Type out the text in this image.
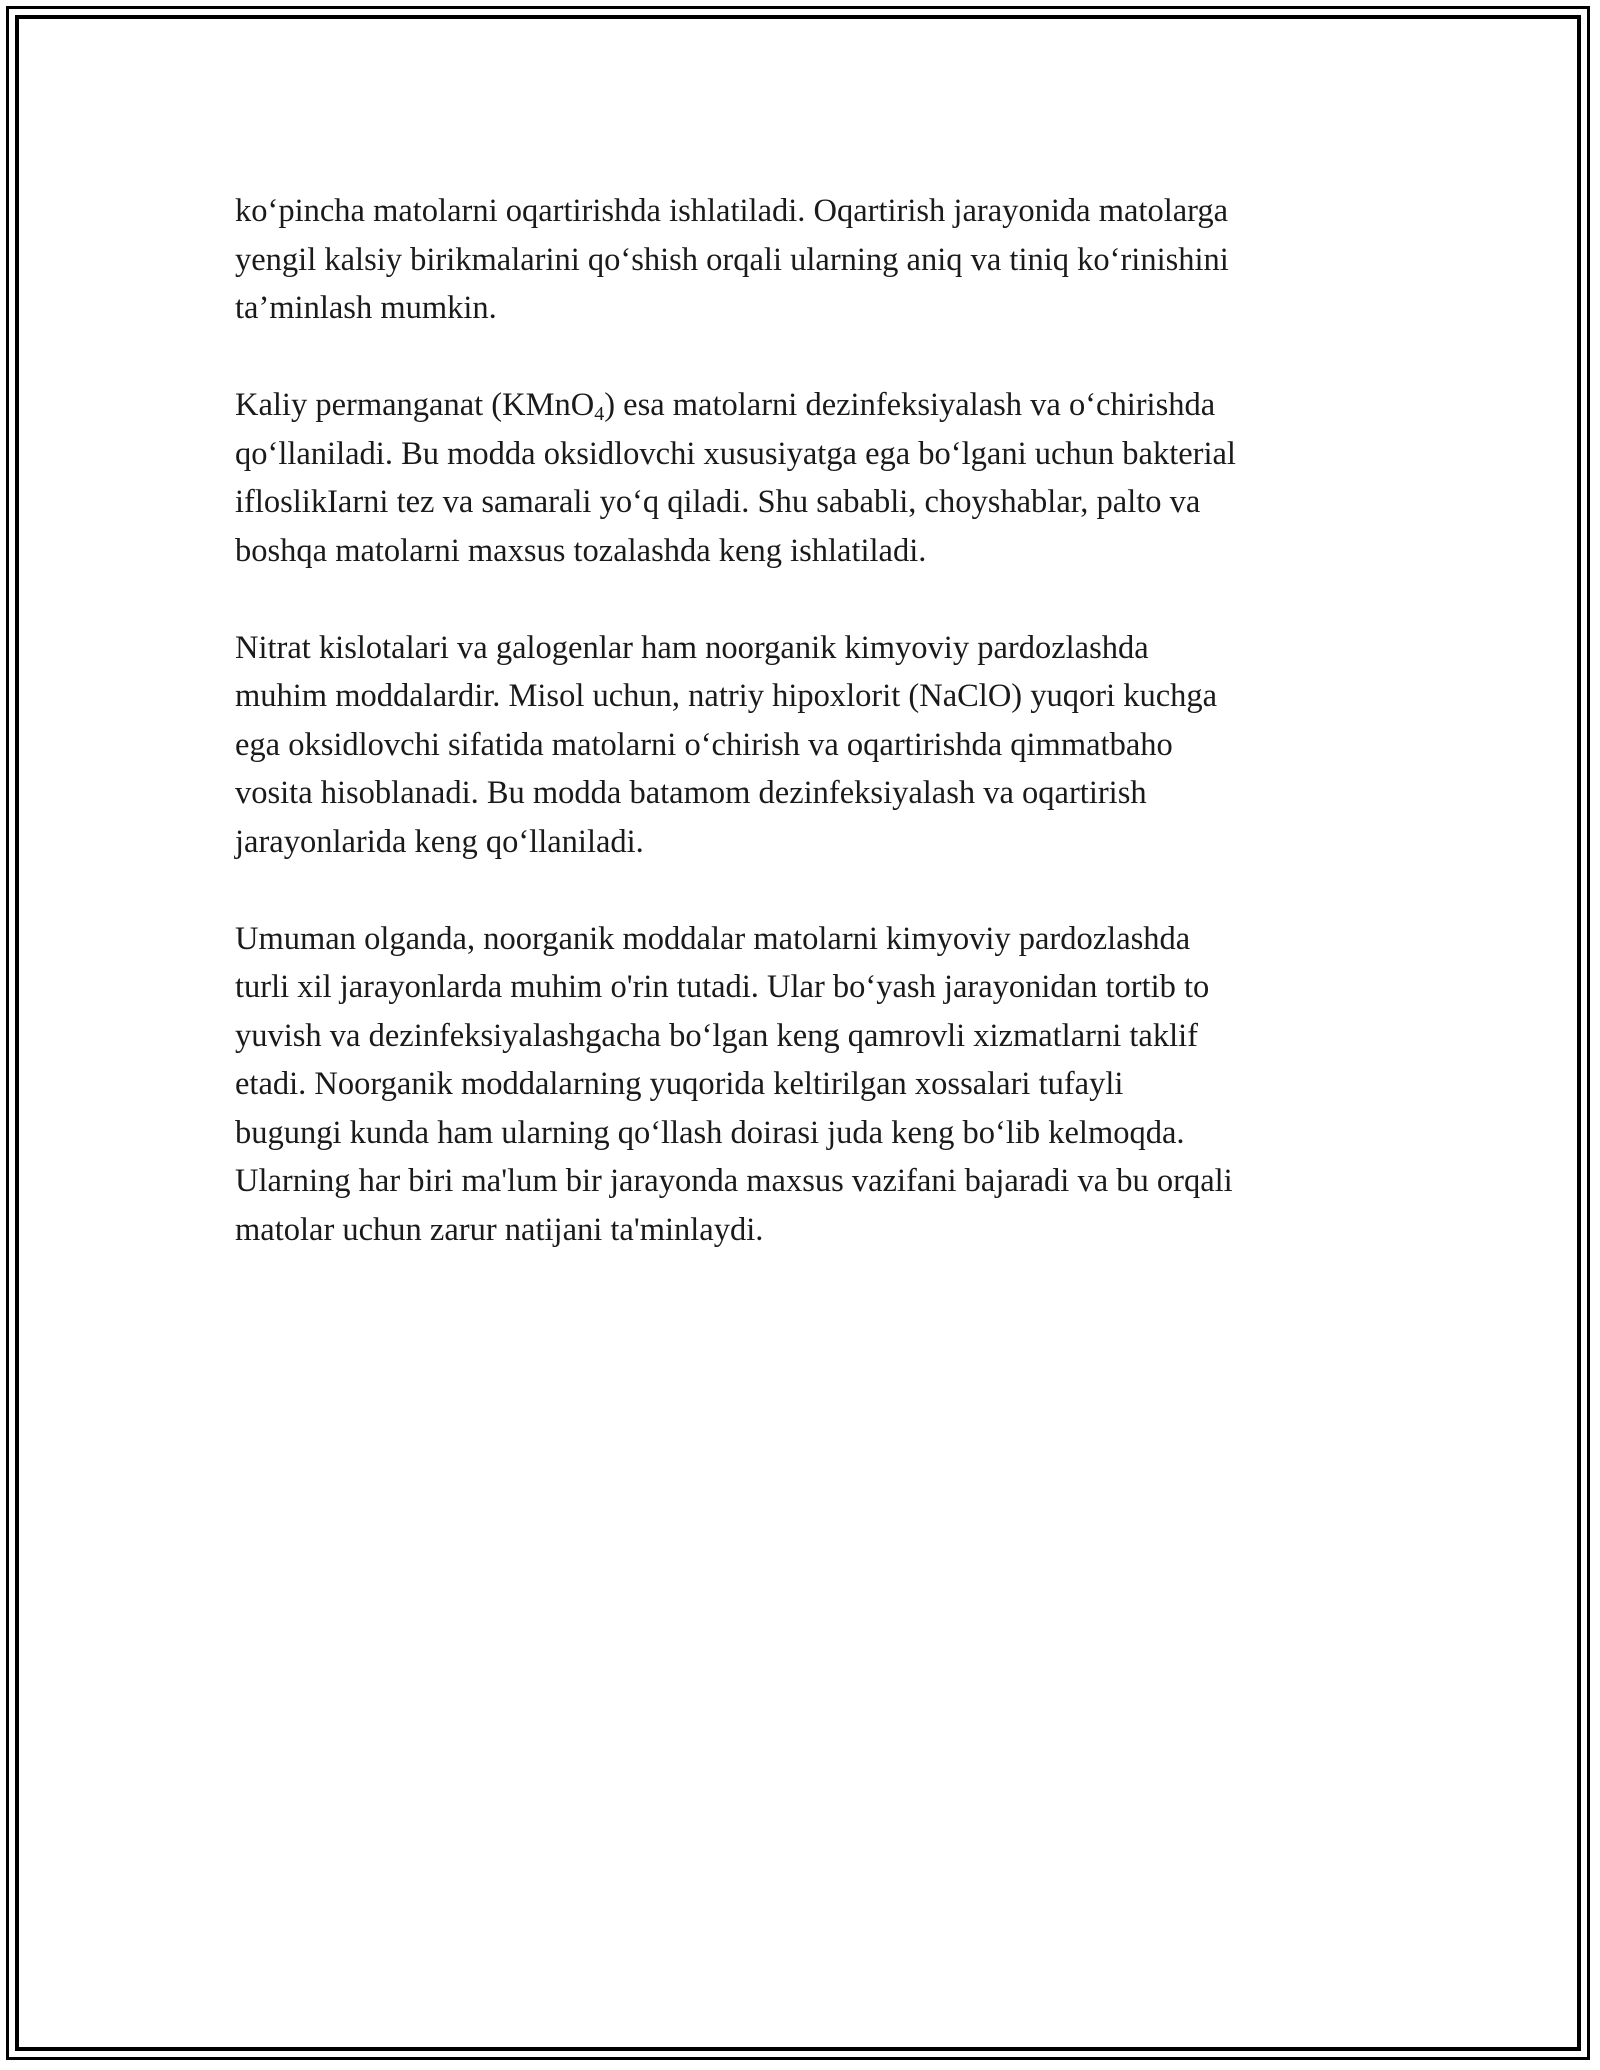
ko‘pincha matolarni oqartirishda ishlatiladi. Oqartirish jarayonida matolarga
yengil kalsiy birikmalarini qo‘shish orqali ularning aniq va tiniq ko‘rinishini
ta’minlash mumkin.

Kaliy permanganat (KMnO$_4$) esa matolarni dezinfeksiyalash va o‘chirishda
qo‘llaniladi. Bu modda oksidlovchi xususiyatga ega bo‘lgani uchun bakterial
ifloslikIarni tez va samarali yo‘q qiladi. Shu sababli, choyshablar, palto va
boshqa matolarni maxsus tozalashda keng ishlatiladi.

Nitrat kislotalari va galogenlar ham noorganik kimyoviy pardozlashda
muhim moddalardir. Misol uchun, natriy hipoxlorit (NaClO) yuqori kuchga
ega oksidlovchi sifatida matolarni o‘chirish va oqartirishda qimmatbaho
vosita hisoblanadi. Bu modda batamom dezinfeksiyalash va oqartirish
jarayonlarida keng qo‘llaniladi.

Umuman olganda, noorganik moddalar matolarni kimyoviy pardozlashda
turli xil jarayonlarda muhim o'rin tutadi. Ular bo‘yash jarayonidan tortib to
yuvish va dezinfeksiyalashgacha bo‘lgan keng qamrovli xizmatlarni taklif
etadi. Noorganik moddalarning yuqorida keltirilgan xossalari tufayli
bugungi kunda ham ularning qo‘llash doirasi juda keng bo‘lib kelmoqda.
Ularning har biri ma'lum bir jarayonda maxsus vazifani bajaradi va bu orqali
matolar uchun zarur natijani ta'minlaydi.
